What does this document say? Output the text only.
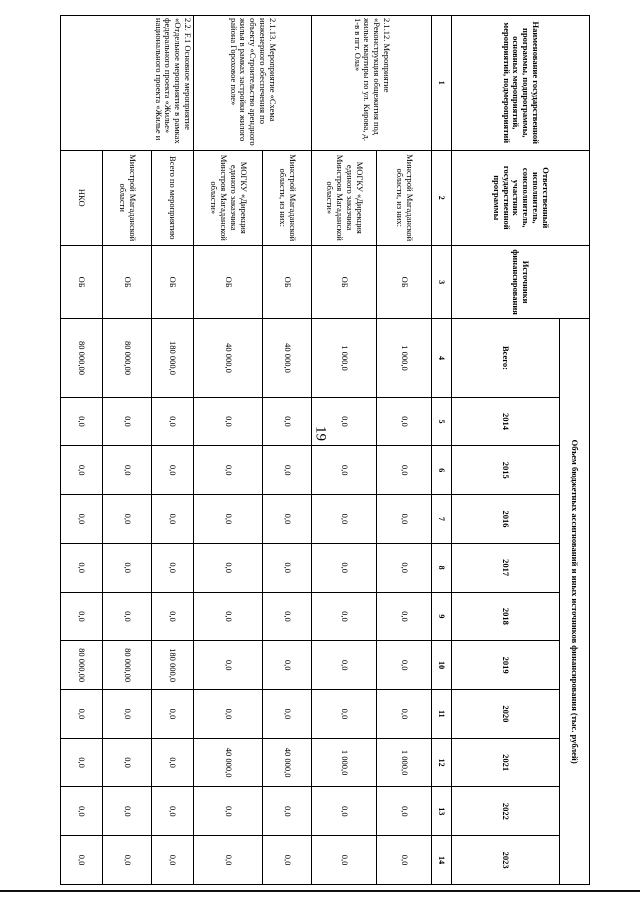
19
Наименование государственной программы, подпрограммы, основных мероприятий, мероприятий, подмероприятий	Ответственный исполнитель, соисполнитель, участник государственной программы	Источники финансирования	Объем бюджетных ассигнований и иных источников финансирования (тыс. рублей)										
			Всего:	2014	2015	2016	2017	2018	2019	2020	2021	2022	2023
1	2	3	4	5	6	7	8	9	10	11	12	13	14
2.1.12. Мероприятие «Реконструкция общежития под жилые квартиры по ул. Кирова, д. 1-в в пгт. Ола»	Минстрой Магаданской области, из них:	ОБ	1 000,0	0,0	0,0	0,0	0,0	0,0	0,0	0,0	1 000,0	0,0	0,0
	МОГКУ «Дирекция единого заказчика Минстроя Магаданской области»	ОБ	1 000,0	0,0	0,0	0,0	0,0	0,0	0,0	0,0	1 000,0	0,0	0,0
2.1.13. Мероприятие «Схема инженерного обеспечения по объекту «Строительство арендного жилья в рамках застройки жилого района Гороховое поле»	Минстрой Магаданской области, из них:	ОБ	40 000,0	0,0	0,0	0,0	0,0	0,0	0,0	0,0	40 000,0	0,0	0,0
	МОГКУ «Дирекция единого заказчика Минстроя Магаданской области»	ОБ	40 000,0	0,0	0,0	0,0	0,0	0,0	0,0	0,0	40 000,0	0,0	0,0
2.2. F.1 Основное мероприятие «Отдельное мероприятие в рамках федерального проекта «Жилье» национального проекта «Жилье и	Всего по мероприятию	ОБ	180 000,0	0,0	0,0	0,0	0,0	0,0	180 000,0	0,0	0,0	0,0	0,0
	Минстрой Магаданской области	ОБ	80 000,00	0,0	0,0	0,0	0,0	0,0	80 000,00	0,0	0,0	0,0	0,0
	НКО	ОБ	80 000,00	0,0	0,0	0,0	0,0	0,0	80 000,00	0,0	0,0	0,0	0,0
